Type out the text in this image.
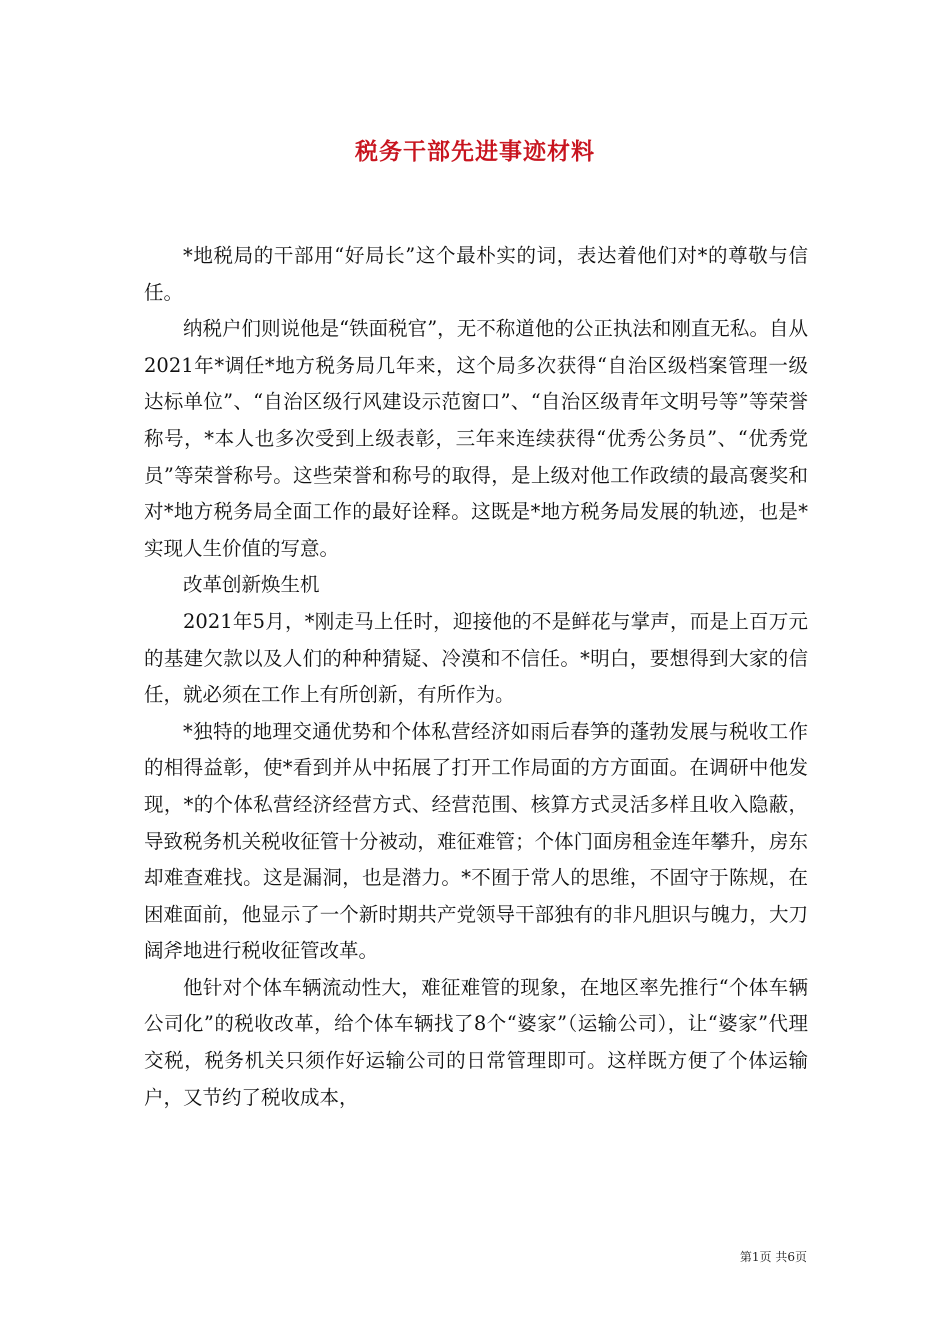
税务干部先进事迹材料

*地税局的干部用“好局长”这个最朴实的词，表达着他们对*的尊敬与信任。

纳税户们则说他是“铁面税官”，无不称道他的公正执法和刚直无私。自从2021年*调任*地方税务局几年来，这个局多次获得“自治区级档案管理一级达标单位”、“自治区级行风建设示范窗口”、“自治区级青年文明号等”等荣誉称号，*本人也多次受到上级表彰，三年来连续获得“优秀公务员”、“优秀党员”等荣誉称号。这些荣誉和称号的取得，是上级对他工作政绩的最高褒奖和对*地方税务局全面工作的最好诠释。这既是*地方税务局发展的轨迹，也是*实现人生价值的写意。

改革创新焕生机

2021年5月，*刚走马上任时，迎接他的不是鲜花与掌声，而是上百万元的基建欠款以及人们的种种猜疑、冷漠和不信任。*明白，要想得到大家的信任，就必须在工作上有所创新，有所作为。

*独特的地理交通优势和个体私营经济如雨后春笋的蓬勃发展与税收工作的相得益彰，使*看到并从中拓展了打开工作局面的方方面面。在调研中他发现，*的个体私营经济经营方式、经营范围、核算方式灵活多样且收入隐蔽，导致税务机关税收征管十分被动，难征难管；个体门面房租金连年攀升，房东却难查难找。这是漏洞，也是潜力。*不囿于常人的思维，不固守于陈规，在困难面前，他显示了一个新时期共产党领导干部独有的非凡胆识与魄力，大刀阔斧地进行税收征管改革。

他针对个体车辆流动性大，难征难管的现象，在地区率先推行“个体车辆公司化”的税收改革，给个体车辆找了8个“婆家”（运输公司），让“婆家”代理交税，税务机关只须作好运输公司的日常管理即可。这样既方便了个体运输户，又节约了税收成本，

第1页 共6页
